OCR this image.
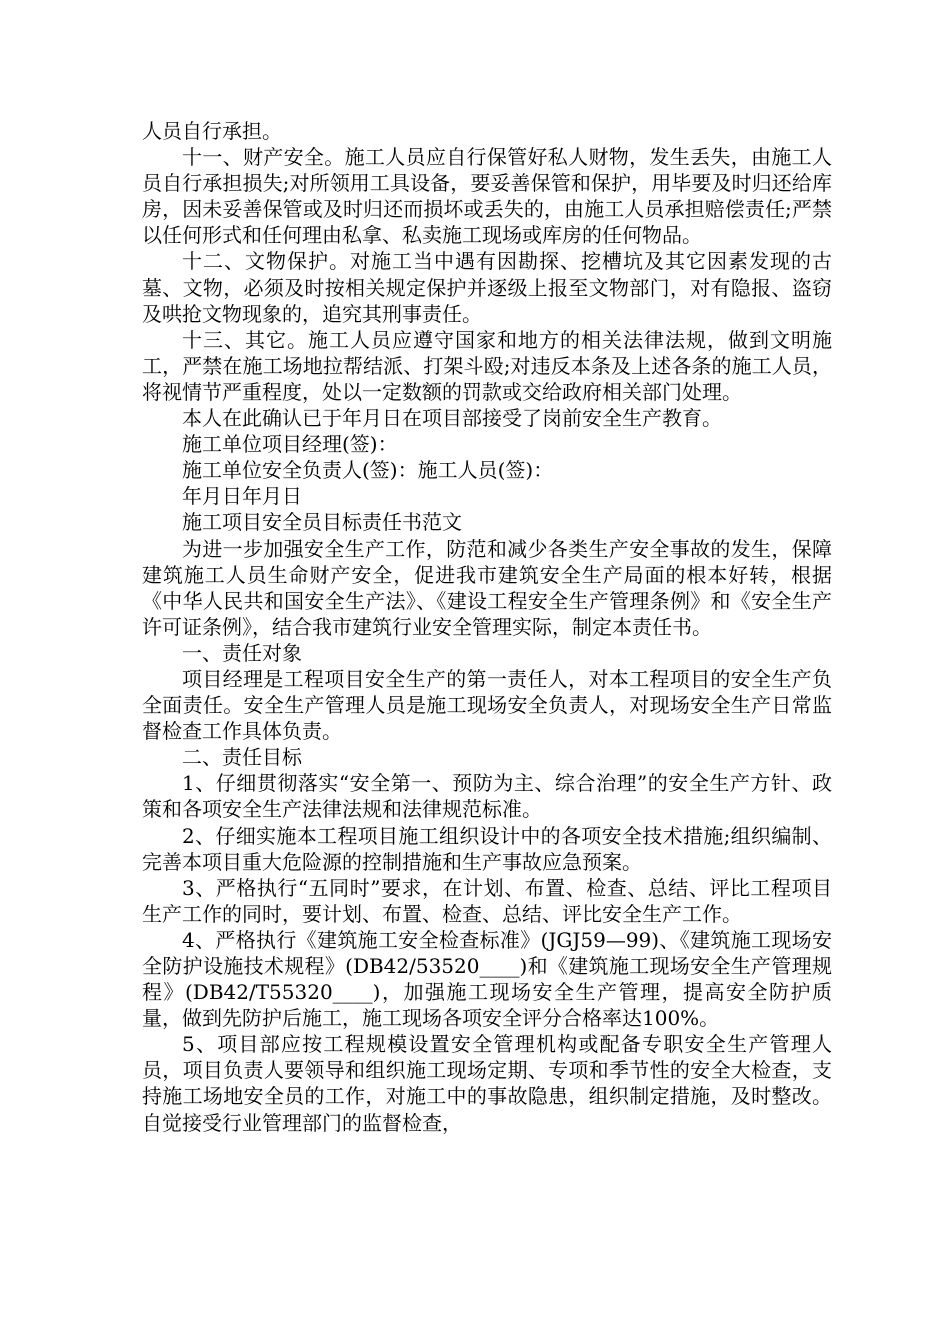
人员自行承担。

十一、财产安全。施工人员应自行保管好私人财物，发生丢失，由施工人员自行承担损失;对所领用工具设备，要妥善保管和保护，用毕要及时归还给库房，因未妥善保管或及时归还而损坏或丢失的，由施工人员承担赔偿责任;严禁以任何形式和任何理由私拿、私卖施工现场或库房的任何物品。

十二、文物保护。对施工当中遇有因勘探、挖槽坑及其它因素发现的古墓、文物，必须及时按相关规定保护并逐级上报至文物部门，对有隐报、盗窃及哄抢文物现象的，追究其刑事责任。

十三、其它。施工人员应遵守国家和地方的相关法律法规，做到文明施工，严禁在施工场地拉帮结派、打架斗殴;对违反本条及上述各条的施工人员，将视情节严重程度，处以一定数额的罚款或交给政府相关部门处理。

本人在此确认已于年月日在项目部接受了岗前安全生产教育。

施工单位项目经理(签)：

施工单位安全负责人(签)：施工人员(签)：

年月日年月日

施工项目安全员目标责任书范文

为进一步加强安全生产工作，防范和减少各类生产安全事故的发生，保障建筑施工人员生命财产安全，促进我市建筑安全生产局面的根本好转，根据《中华人民共和国安全生产法》、《建设工程安全生产管理条例》和《安全生产许可证条例》，结合我市建筑行业安全管理实际，制定本责任书。

一、责任对象

项目经理是工程项目安全生产的第一责任人，对本工程项目的安全生产负全面责任。安全生产管理人员是施工现场安全负责人，对现场安全生产日常监督检查工作具体负责。

二、责任目标

1、仔细贯彻落实“安全第一、预防为主、综合治理”的安全生产方针、政策和各项安全生产法律法规和法律规范标准。

2、仔细实施本工程项目施工组织设计中的各项安全技术措施;组织编制、完善本项目重大危险源的控制措施和生产事故应急预案。

3、严格执行“五同时”要求，在计划、布置、检查、总结、评比工程项目生产工作的同时，要计划、布置、检查、总结、评比安全生产工作。

4、严格执行《建筑施工安全检查标准》(JGJ59—99)、《建筑施工现场安全防护设施技术规程》(DB42/53520____)和《建筑施工现场安全生产管理规程》(DB42/T55320____)，加强施工现场安全生产管理，提高安全防护质量，做到先防护后施工，施工现场各项安全评分合格率达100%。

5、项目部应按工程规模设置安全管理机构或配备专职安全生产管理人员，项目负责人要领导和组织施工现场定期、专项和季节性的安全大检查，支持施工场地安全员的工作，对施工中的事故隐患，组织制定措施，及时整改。自觉接受行业管理部门的监督检查，
